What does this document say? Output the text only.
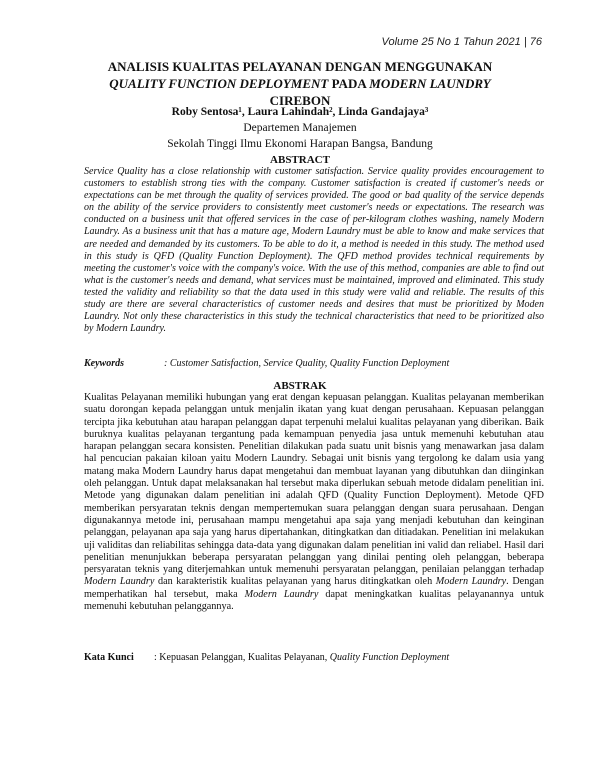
Volume 25 No 1 Tahun 2021 | 76
ANALISIS KUALITAS PELAYANAN DENGAN MENGGUNAKAN QUALITY FUNCTION DEPLOYMENT PADA MODERN LAUNDRY CIREBON
Roby Sentosa¹, Laura Lahindah², Linda Gandajaya³
Departemen Manajemen
Sekolah Tinggi Ilmu Ekonomi Harapan Bangsa, Bandung
ABSTRACT

Service Quality has a close relationship with customer satisfaction. Service quality provides encouragement to customers to establish strong ties with the company. Customer satisfaction is created if customer's needs or expectations can be met through the quality of services provided. The good or bad quality of the service depends on the ability of the service providers to consistently meet customer's needs or expectations. The research was conducted on a business unit that offered services in the case of per-kilogram clothes washing, namely Modern Laundry. As a business unit that has a mature age, Modern Laundry must be able to know and make services that are needed and demanded by its customers. To be able to do it, a method is needed in this study. The method used in this study is QFD (Quality Function Deployment). The QFD method provides technical requirements by meeting the customer's voice with the company's voice. With the use of this method, companies are able to find out what is the customer's needs and demand, what services must be maintained, improved and eliminated. This study tested the validity and reliability so that the data used in this study were valid and reliable. The results of this study are there are several characteristics of customer needs and desires that must be prioritized by Moden Laundry. Not only these characteristics in this study the technical characteristics that need to be prioritized also by Modern Laundry.

Keywords	: Customer Satisfaction, Service Quality, Quality Function Deployment
ABSTRAK

Kualitas Pelayanan memiliki hubungan yang erat dengan kepuasan pelanggan. Kualitas pelayanan memberikan suatu dorongan kepada pelanggan untuk menjalin ikatan yang kuat dengan perusahaan. Kepuasan pelanggan tercipta jika kebutuhan atau harapan pelanggan dapat terpenuhi melalui kualitas pelayanan yang diberikan. Baik buruknya kualitas pelayanan tergantung pada kemampuan penyedia jasa untuk memenuhi kebutuhan atau harapan pelanggan secara konsisten. Penelitian dilakukan pada suatu unit bisnis yang menawarkan jasa dalam hal pencucian pakaian kiloan yaitu Modern Laundry. Sebagai unit bisnis yang tergolong ke dalam usia yang matang maka Modern Laundry harus dapat mengetahui dan membuat layanan yang dibutuhkan dan diinginkan oleh pelanggan. Untuk dapat melaksanakan hal tersebut maka diperlukan sebuah metode didalam penelitian ini. Metode yang digunakan dalam penelitian ini adalah QFD (Quality Function Deployment). Metode QFD memberikan persyaratan teknis dengan mempertemukan suara pelanggan dengan suara perusahaan. Dengan digunakannya metode ini, perusahaan mampu mengetahui apa saja yang menjadi kebutuhan dan keinginan pelanggan, pelayanan apa saja yang harus dipertahankan, ditingkatkan dan ditiadakan. Penelitian ini melakukan uji validitas dan reliabilitas sehingga data-data yang digunakan dalam penelitian ini valid dan reliabel. Hasil dari penelitian menunjukkan beberapa persyaratan pelanggan yang dinilai penting oleh pelanggan, beberapa persyaratan teknis yang diterjemahkan untuk memenuhi persyaratan pelanggan, penilaian pelanggan terhadap Modern Laundry dan karakteristik kualitas pelayanan yang harus ditingkatkan oleh Modern Laundry. Dengan memperhatikan hal tersebut, maka Modern Laundry dapat meningkatkan kualitas pelayanannya untuk memenuhi kebutuhan pelanggannya.

Kata Kunci : Kepuasan Pelanggan, Kualitas Pelayanan, Quality Function Deployment
